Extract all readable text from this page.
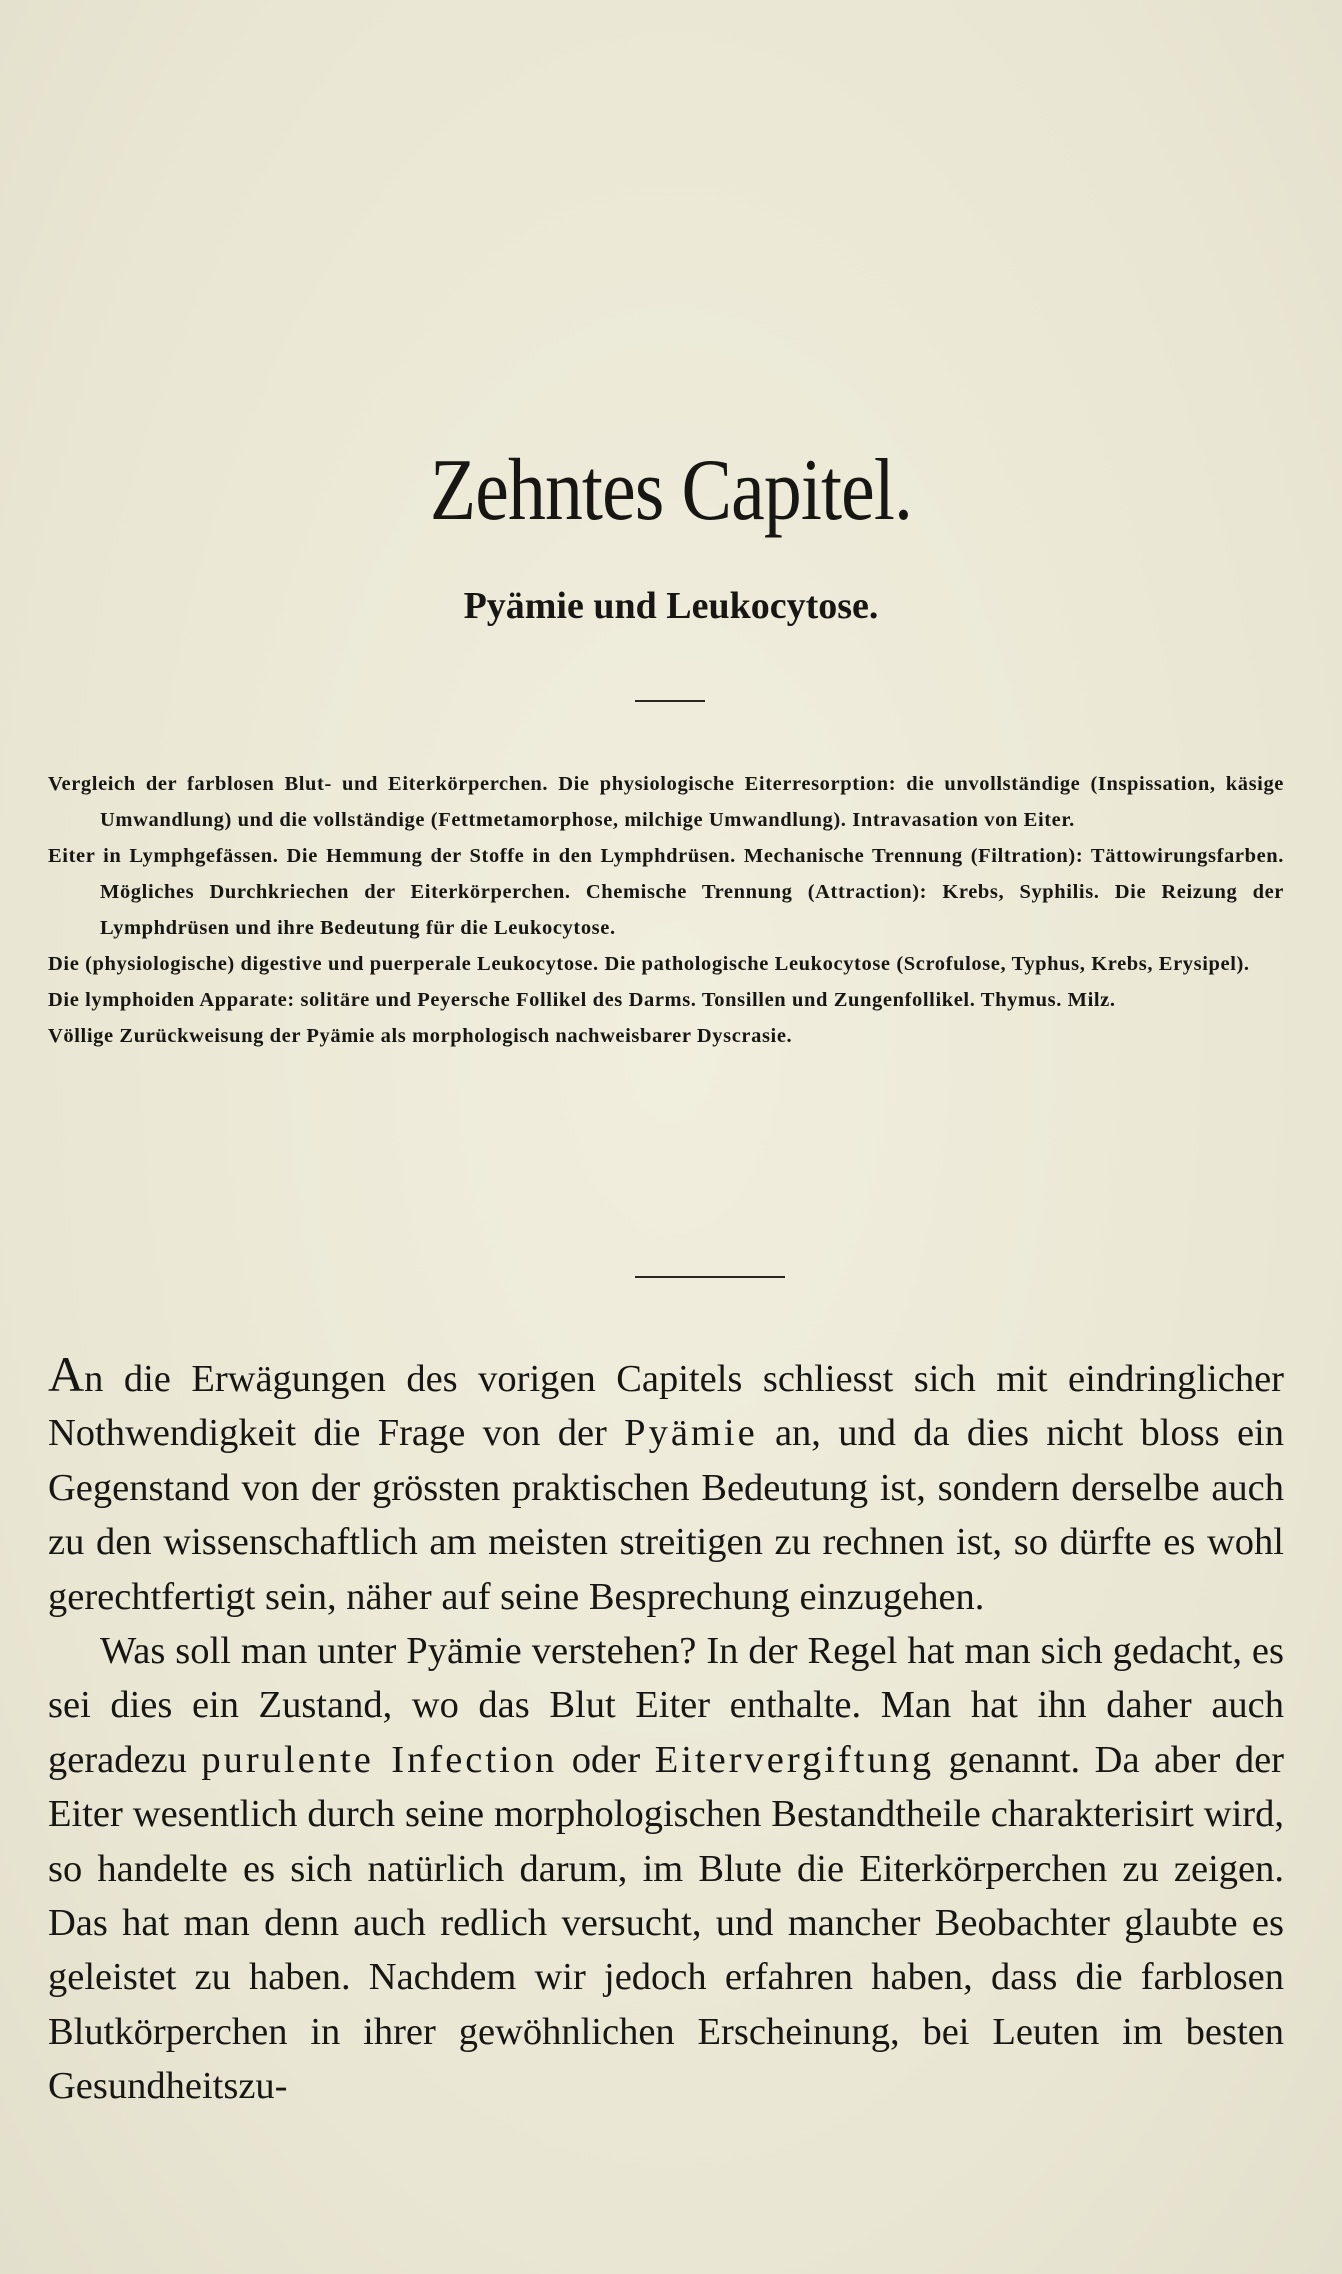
Zehntes Capitel.
Pyämie und Leukocytose.

Vergleich der farblosen Blut- und Eiterkörperchen. Die physiologische Eiterresorption: die unvollständige (Inspissation, käsige Umwandlung) und die vollständige (Fettmetamorphose, milchige Umwandlung). Intravasation von Eiter.

Eiter in Lymphgefässen. Die Hemmung der Stoffe in den Lymphdrüsen. Mechanische Trennung (Filtration): Tättowirungsfarben. Mögliches Durchkriechen der Eiterkörperchen. Chemische Trennung (Attraction): Krebs, Syphilis. Die Reizung der Lymphdrüsen und ihre Bedeutung für die Leukocytose.

Die (physiologische) digestive und puerperale Leukocytose. Die pathologische Leukocytose (Scrofulose, Typhus, Krebs, Erysipel).

Die lymphoiden Apparate: solitäre und Peyersche Follikel des Darms. Tonsillen und Zungenfollikel. Thymus. Milz.

Völlige Zurückweisung der Pyämie als morphologisch nachweisbarer Dyscrasie.

An die Erwägungen des vorigen Capitels schliesst sich mit eindringlicher Nothwendigkeit die Frage von der Pyämie an, und da dies nicht bloss ein Gegenstand von der grössten praktischen Bedeutung ist, sondern derselbe auch zu den wissenschaftlich am meisten streitigen zu rechnen ist, so dürfte es wohl gerechtfertigt sein, näher auf seine Besprechung einzugehen.

Was soll man unter Pyämie verstehen? In der Regel hat man sich gedacht, es sei dies ein Zustand, wo das Blut Eiter enthalte. Man hat ihn daher auch geradezu purulente Infection oder Eitervergiftung genannt. Da aber der Eiter wesentlich durch seine morphologischen Bestandtheile charakterisirt wird, so handelte es sich natürlich darum, im Blute die Eiterkörperchen zu zeigen. Das hat man denn auch redlich versucht, und mancher Beobachter glaubte es geleistet zu haben. Nachdem wir jedoch erfahren haben, dass die farblosen Blutkörperchen in ihrer gewöhnlichen Erscheinung, bei Leuten im besten Gesundheitszu-
